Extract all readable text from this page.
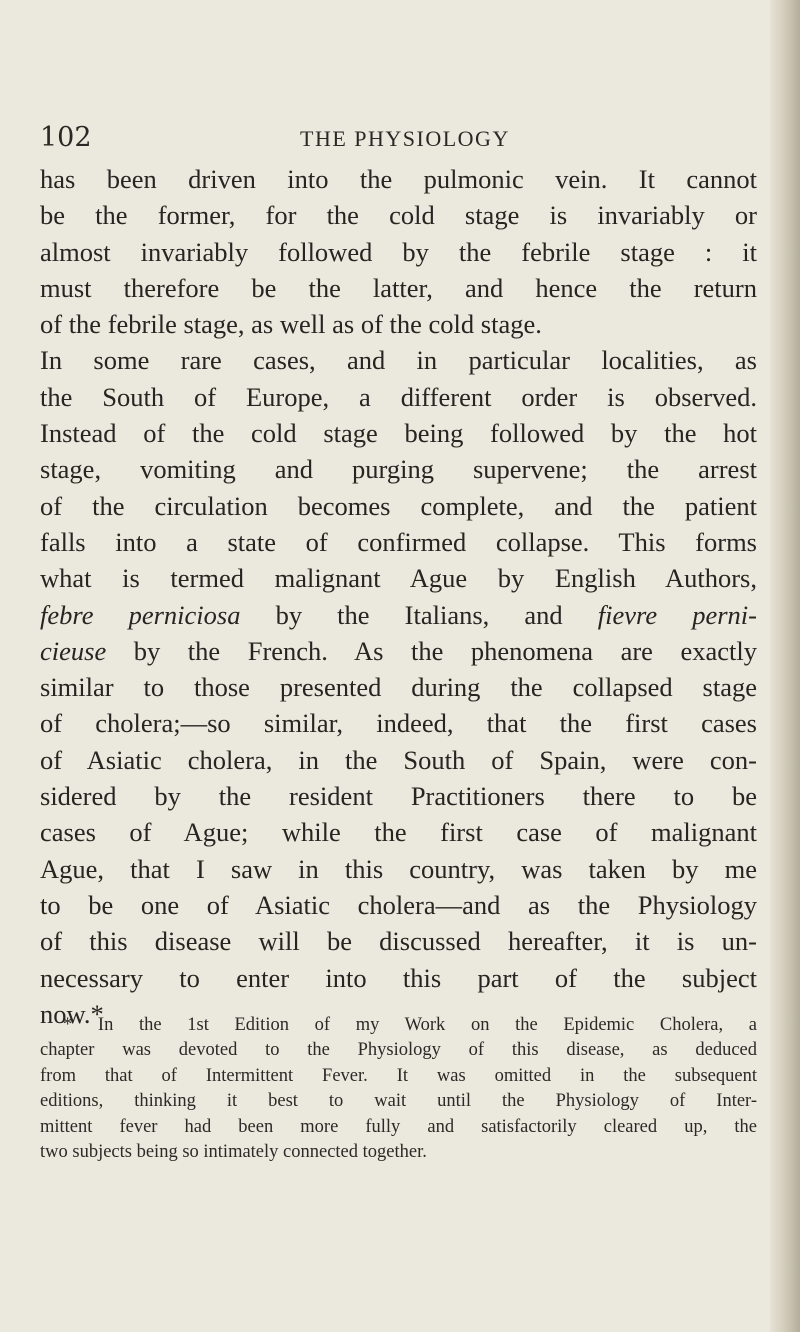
102	THE PHYSIOLOGY
has been driven into the pulmonic vein. It cannot
be the former, for the cold stage is invariably or
almost invariably followed by the febrile stage : it
must therefore be the latter, and hence the return
of the febrile stage, as well as of the cold stage.
In some rare cases, and in particular localities, as
the South of Europe, a different order is observed.
Instead of the cold stage being followed by the hot
stage, vomiting and purging supervene; the arrest
of the circulation becomes complete, and the patient
falls into a state of confirmed collapse. This forms
what is termed malignant Ague by English Authors,
febre perniciosa by the Italians, and fievre perni-
cieuse by the French. As the phenomena are exactly
similar to those presented during the collapsed stage
of cholera;—so similar, indeed, that the first cases
of Asiatic cholera, in the South of Spain, were con-
sidered by the resident Practitioners there to be
cases of Ague; while the first case of malignant
Ague, that I saw in this country, was taken by me
to be one of Asiatic cholera—and as the Physiology
of this disease will be discussed hereafter, it is un-
necessary to enter into this part of the subject
now.*
* In the 1st Edition of my Work on the Epidemic Cholera, a
chapter was devoted to the Physiology of this disease, as deduced
from that of Intermittent Fever. It was omitted in the subsequent
editions, thinking it best to wait until the Physiology of Inter-
mittent fever had been more fully and satisfactorily cleared up, the
two subjects being so intimately connected together.
